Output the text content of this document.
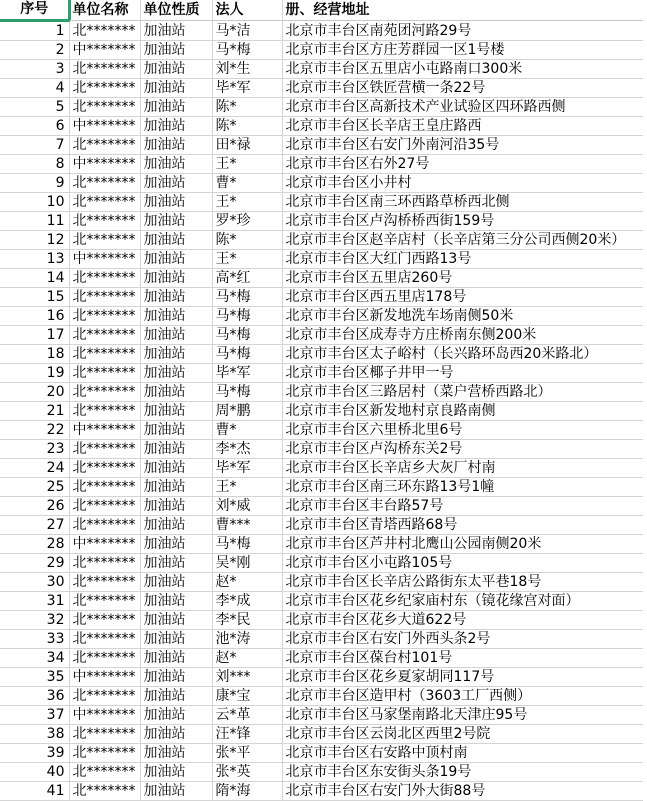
序号	单位名称	单位性质	法人	册、经营地址
1	北*******	加油站	马*洁	北京市丰台区南苑团河路29号
2	中*******	加油站	马*梅	北京市丰台区方庄芳群园一区1号楼
3	北*******	加油站	刘*生	北京市丰台区五里店小屯路南口300米
4	北*******	加油站	毕*军	北京市丰台区铁匠营横一条22号
5	北*******	加油站	陈*	北京市丰台区高新技术产业试验区四环路西侧
6	中*******	加油站	陈*	北京市丰台区长辛店王皇庄路西
7	北*******	加油站	田*禄	北京市丰台区右安门外南河沿35号
8	中*******	加油站	王*	北京市丰台区右外27号
9	北*******	加油站	曹*	北京市丰台区小井村
10	北*******	加油站	王*	北京市丰台区南三环西路草桥西北侧
11	北*******	加油站	罗*珍	北京市丰台区卢沟桥桥西街159号
12	北*******	加油站	陈*	北京市丰台区赵辛店村（长辛店第三分公司西侧20米）
13	中*******	加油站	王*	北京市丰台区大红门西路13号
14	北*******	加油站	高*红	北京市丰台区五里店260号
15	北*******	加油站	马*梅	北京市丰台区西五里店178号
16	北*******	加油站	马*梅	北京市丰台区新发地洗车场南侧50米
17	北*******	加油站	马*梅	北京市丰台区成寿寺方庄桥南东侧200米
18	北*******	加油站	马*梅	北京市丰台区太子峪村（长兴路环岛西20米路北）
19	北*******	加油站	毕*军	北京市丰台区椰子井甲一号
20	北*******	加油站	马*梅	北京市丰台区三路居村（菜户营桥西路北）
21	北*******	加油站	周*鹏	北京市丰台区新发地村京良路南侧
22	中*******	加油站	曹*	北京市丰台区六里桥北里6号
23	北*******	加油站	李*杰	北京市丰台区卢沟桥东关2号
24	北*******	加油站	毕*军	北京市丰台区长辛店乡大灰厂村南
25	北*******	加油站	王*	北京市丰台区南三环东路13号1幢
26	北*******	加油站	刘*威	北京市丰台区丰台路57号
27	北*******	加油站	曹***	北京市丰台区青塔西路68号
28	中*******	加油站	马*梅	北京市丰台区芦井村北鹰山公园南侧20米
29	北*******	加油站	吴*刚	北京市丰台区小屯路105号
30	北*******	加油站	赵*	北京市丰台区长辛店公路街东太平巷18号
31	北*******	加油站	李*成	北京市丰台区花乡纪家庙村东（镜花缘宫对面）
32	北*******	加油站	李*民	北京市丰台区花乡大道622号
33	北*******	加油站	池*涛	北京市丰台区右安门外西头条2号
34	北*******	加油站	赵*	北京市丰台区葆台村101号
35	中*******	加油站	刘***	北京市丰台区花乡夏家胡同117号
36	北*******	加油站	康*宝	北京市丰台区造甲村（3603工厂西侧）
37	中*******	加油站	云*革	北京市丰台区马家堡南路北天津庄95号
38	北*******	加油站	汪*锋	北京市丰台区云岗北区西里2号院
39	北*******	加油站	张*平	北京市丰台区右安路中顶村南
40	北*******	加油站	张*英	北京市丰台区东安街头条19号
41	北*******	加油站	隋*海	北京市丰台区右安门外大街88号
